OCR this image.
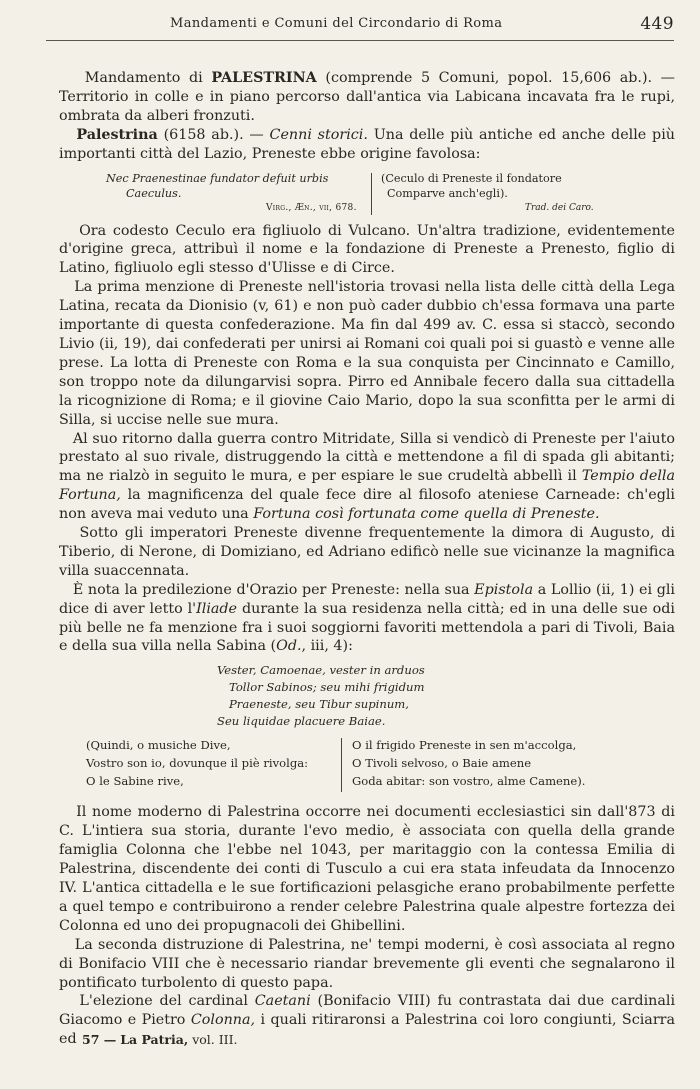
Mandamenti e Comuni del Circondario di Roma	449

Mandamento di PALESTRINA (comprende 5 Comuni, popol. 15,606 ab.). — Territorio in colle e in piano percorso dall'antica via Labicana incavata fra le rupi, ombrata da alberi fronzuti.

Palestrina (6158 ab.). — Cenni storici. Una delle più antiche ed anche delle più importanti città del Lazio, Preneste ebbe origine favolosa:

Nec Praenestinae fundator defuit urbis
Caeculus.
Virg., Æn., vii, 678.
(Ceculo di Preneste il fondatore
Comparve anch'egli).
Trad. dei Caro.

Ora codesto Ceculo era figliuolo di Vulcano. Un'altra tradizione, evidentemente d'origine greca, attribuì il nome e la fondazione di Preneste a Prenesto, figlio di Latino, figliuolo egli stesso d'Ulisse e di Circe.

La prima menzione di Preneste nell'istoria trovasi nella lista delle città della Lega Latina, recata da Dionisio (v, 61) e non può cader dubbio ch'essa formava una parte importante di questa confederazione. Ma fin dal 499 av. C. essa si staccò, secondo Livio (ii, 19), dai confederati per unirsi ai Romani coi quali poi si guastò e venne alle prese. La lotta di Preneste con Roma e la sua conquista per Cincinnato e Camillo, son troppo note da dilungarvisi sopra. Pirro ed Annibale fecero dalla sua cittadella la ricognizione di Roma; e il giovine Caio Mario, dopo la sua sconfitta per le armi di Silla, si uccise nelle sue mura.

Al suo ritorno dalla guerra contro Mitridate, Silla si vendicò di Preneste per l'aiuto prestato al suo rivale, distruggendo la città e mettendone a fil di spada gli abitanti; ma ne rialzò in seguito le mura, e per espiare le sue crudeltà abbellì il Tempio della Fortuna, la magnificenza del quale fece dire al filosofo ateniese Carneade: ch'egli non aveva mai veduto una Fortuna così fortunata come quella di Preneste.

Sotto gli imperatori Preneste divenne frequentemente la dimora di Augusto, di Tiberio, di Nerone, di Domiziano, ed Adriano edificò nelle sue vicinanze la magnifica villa suaccennata.

È nota la predilezione d'Orazio per Preneste: nella sua Epistola a Lollio (ii, 1) ei gli dice di aver letto l'Iliade durante la sua residenza nella città; ed in una delle sue odi più belle ne fa menzione fra i suoi soggiorni favoriti mettendola a pari di Tivoli, Baia e della sua villa nella Sabina (Od., iii, 4):

Vester, Camoenae, vester in arduos
Tollor Sabinos; seu mihi frigidum
Praeneste, seu Tibur supinum,
Seu liquidae placuere Baiae.
(Quindi, o musiche Dive,
Vostro son io, dovunque il piè rivolga:
O le Sabine rive,
O il frigido Preneste in sen m'accolga,
O Tivoli selvoso, o Baie amene
Goda abitar: son vostro, alme Camene).

Il nome moderno di Palestrina occorre nei documenti ecclesiastici sin dall'873 di C. L'intiera sua storia, durante l'evo medio, è associata con quella della grande famiglia Colonna che l'ebbe nel 1043, per maritaggio con la contessa Emilia di Palestrina, discendente dei conti di Tusculo a cui era stata infeudata da Innocenzo IV. L'antica cittadella e le sue fortificazioni pelasgiche erano probabilmente perfette a quel tempo e contribuirono a render celebre Palestrina quale alpestre fortezza dei Colonna ed uno dei propugnacoli dei Ghibellini.

La seconda distruzione di Palestrina, ne' tempi moderni, è così associata al regno di Bonifacio VIII che è necessario riandar brevemente gli eventi che segnalarono il pontificato turbolento di questo papa.

L'elezione del cardinal Caetani (Bonifacio VIII) fu contrastata dai due cardinali Giacomo e Pietro Colonna, i quali ritiraronsi a Palestrina coi loro congiunti, Sciarra ed 57 — La Patria, vol. III.
